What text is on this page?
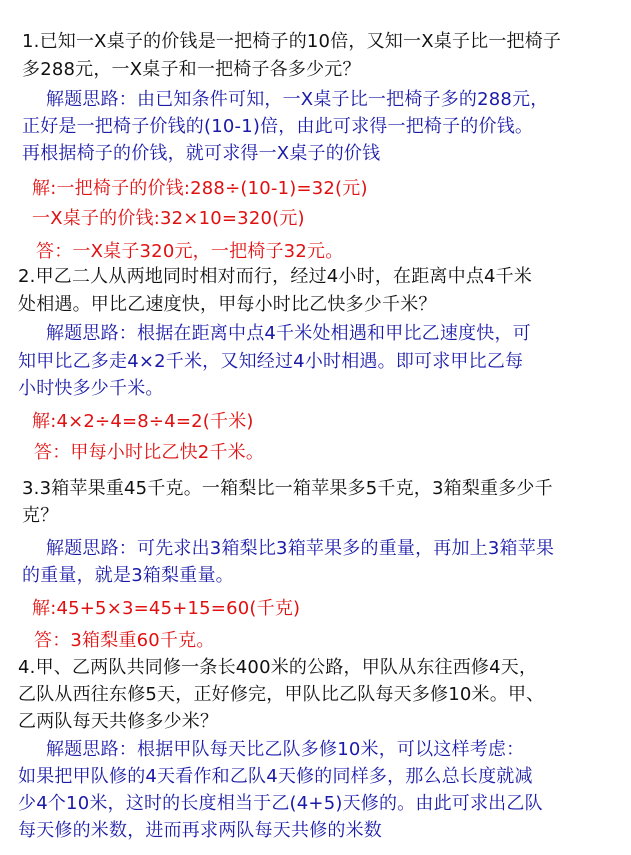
1.已知一X桌子的价钱是一把椅子的10倍，又知一X桌子比一把椅子
多288元，一X桌子和一把椅子各多少元？
解题思路：由已知条件可知，一X桌子比一把椅子多的288元，
正好是一把椅子价钱的(10-1)倍，由此可求得一把椅子的价钱。
再根据椅子的价钱，就可求得一X桌子的价钱
解:一把椅子的价钱:288÷(10-1)=32(元)
一X桌子的价钱:32×10=320(元)
答：一X桌子320元，一把椅子32元。
2.甲乙二人从两地同时相对而行，经过4小时，在距离中点4千米
处相遇。甲比乙速度快，甲每小时比乙快多少千米？
解题思路：根据在距离中点4千米处相遇和甲比乙速度快，可
知甲比乙多走4×2千米，又知经过4小时相遇。即可求甲比乙每
小时快多少千米。
解:4×2÷4=8÷4=2(千米)
答：甲每小时比乙快2千米。
3.3箱苹果重45千克。一箱梨比一箱苹果多5千克，3箱梨重多少千
克？
解题思路：可先求出3箱梨比3箱苹果多的重量，再加上3箱苹果
的重量，就是3箱梨重量。
解:45+5×3=45+15=60(千克)
答：3箱梨重60千克。
4.甲、乙两队共同修一条长400米的公路，甲队从东往西修4天，
乙队从西往东修5天，正好修完，甲队比乙队每天多修10米。甲、
乙两队每天共修多少米？
解题思路：根据甲队每天比乙队多修10米，可以这样考虑：
如果把甲队修的4天看作和乙队4天修的同样多，那么总长度就减
少4个10米，这时的长度相当于乙(4+5)天修的。由此可求出乙队
每天修的米数，进而再求两队每天共修的米数
